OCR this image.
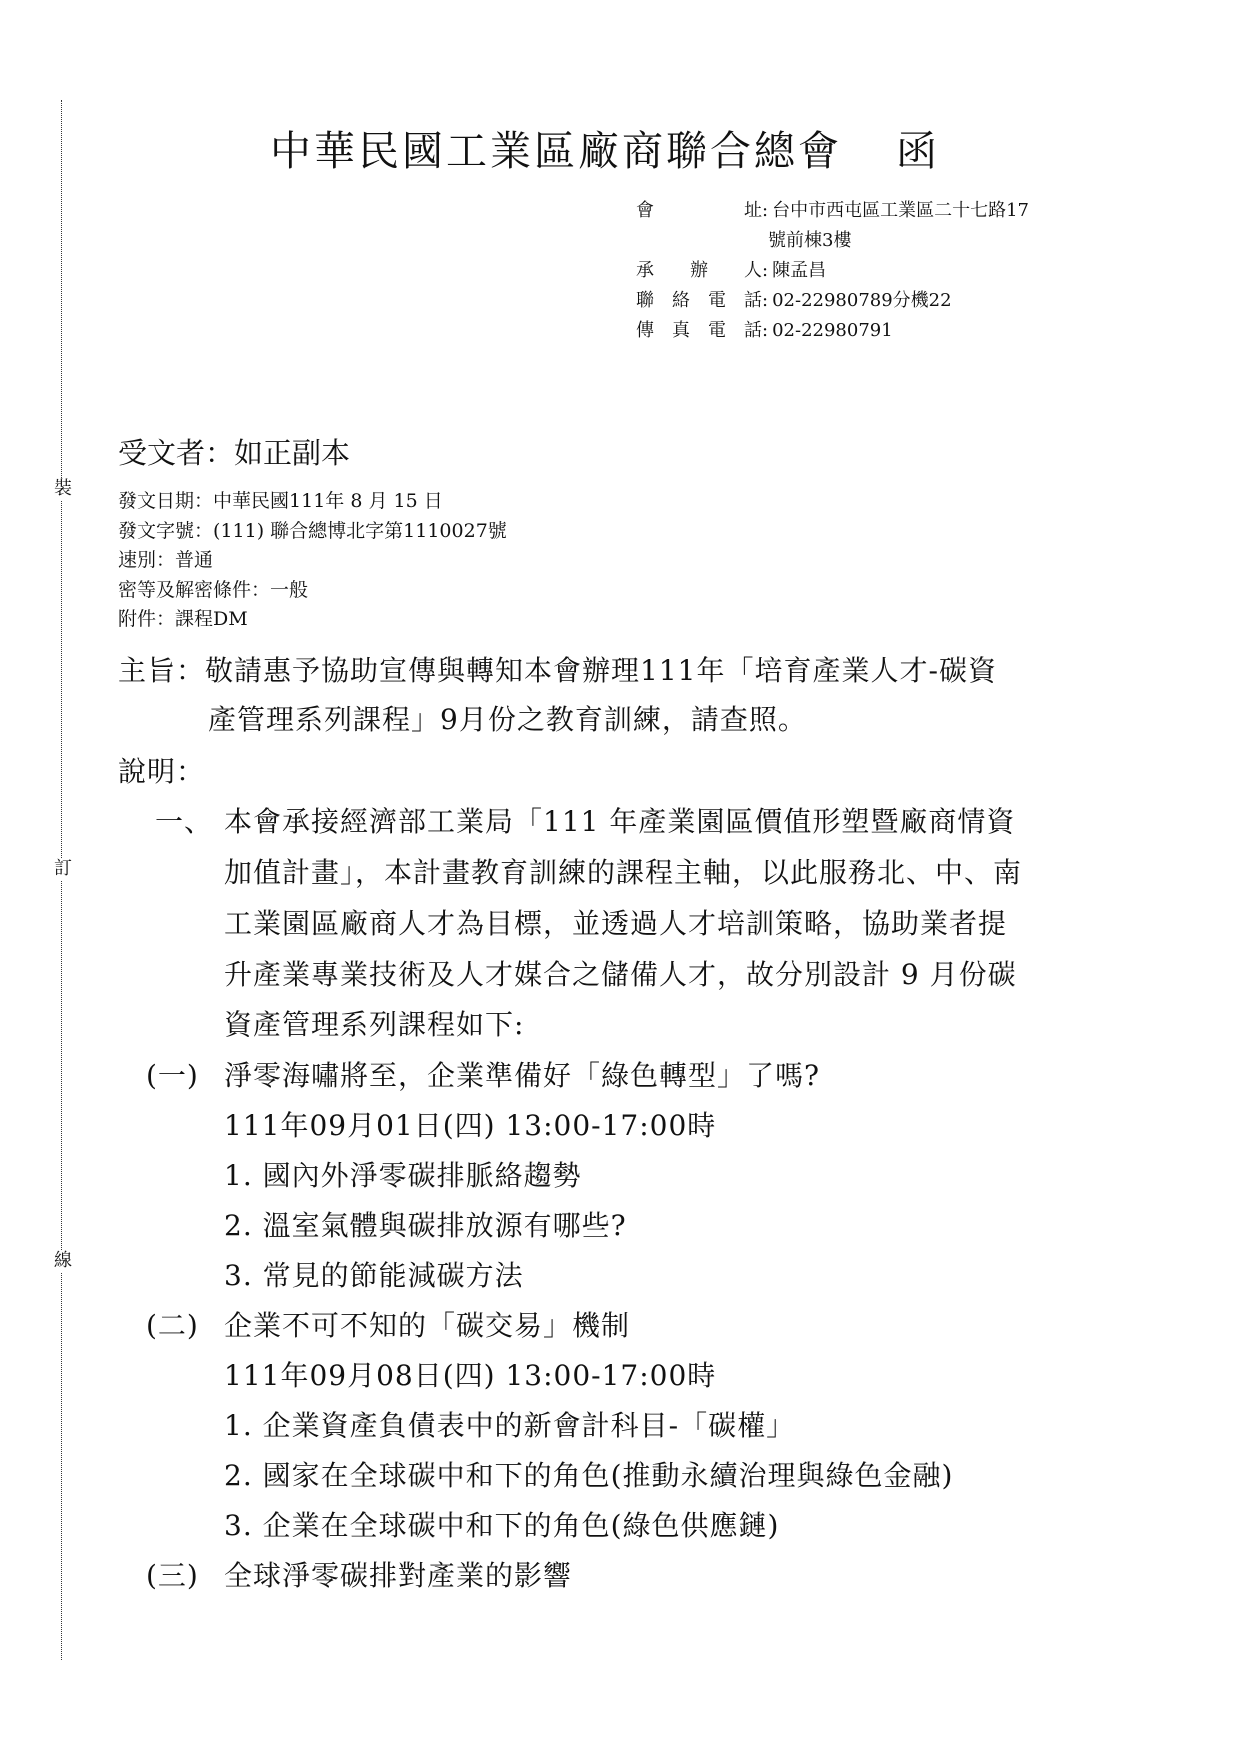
裝
訂
線
中華民國工業區廠商聯合總會 函
會	址 : 台中市西屯區工業區二十七路17
號前棟3樓
承 辦 人 : 陳孟昌
聯 絡 電 話 : 02-22980789分機22
傳 真 電 話 : 02-22980791
受文者：如正副本
發文日期：中華民國111年 8 月 15 日
發文字號：(111) 聯合總博北字第1110027號
速別：普通
密等及解密條件：一般
附件：課程DM
主旨：敬請惠予協助宣傳與轉知本會辦理111年「培育產業人才-碳資
產管理系列課程」9月份之教育訓練，請查照。
說明：
一、 本會承接經濟部工業局「111 年產業園區價值形塑暨廠商情資
加值計畫」，本計畫教育訓練的課程主軸，以此服務北、中、南
工業園區廠商人才為目標，並透過人才培訓策略，協助業者提
升產業專業技術及人才媒合之儲備人才，故分別設計 9 月份碳
資產管理系列課程如下:
(一) 淨零海嘯將至，企業準備好「綠色轉型」了嗎?
111年09月01日(四) 13:00-17:00時
1. 國內外淨零碳排脈絡趨勢
2. 溫室氣體與碳排放源有哪些?
3. 常見的節能減碳方法
(二) 企業不可不知的「碳交易」機制
111年09月08日(四) 13:00-17:00時
1. 企業資產負債表中的新會計科目-「碳權」
2. 國家在全球碳中和下的角色(推動永續治理與綠色金融)
3. 企業在全球碳中和下的角色(綠色供應鏈)
(三) 全球淨零碳排對產業的影響
